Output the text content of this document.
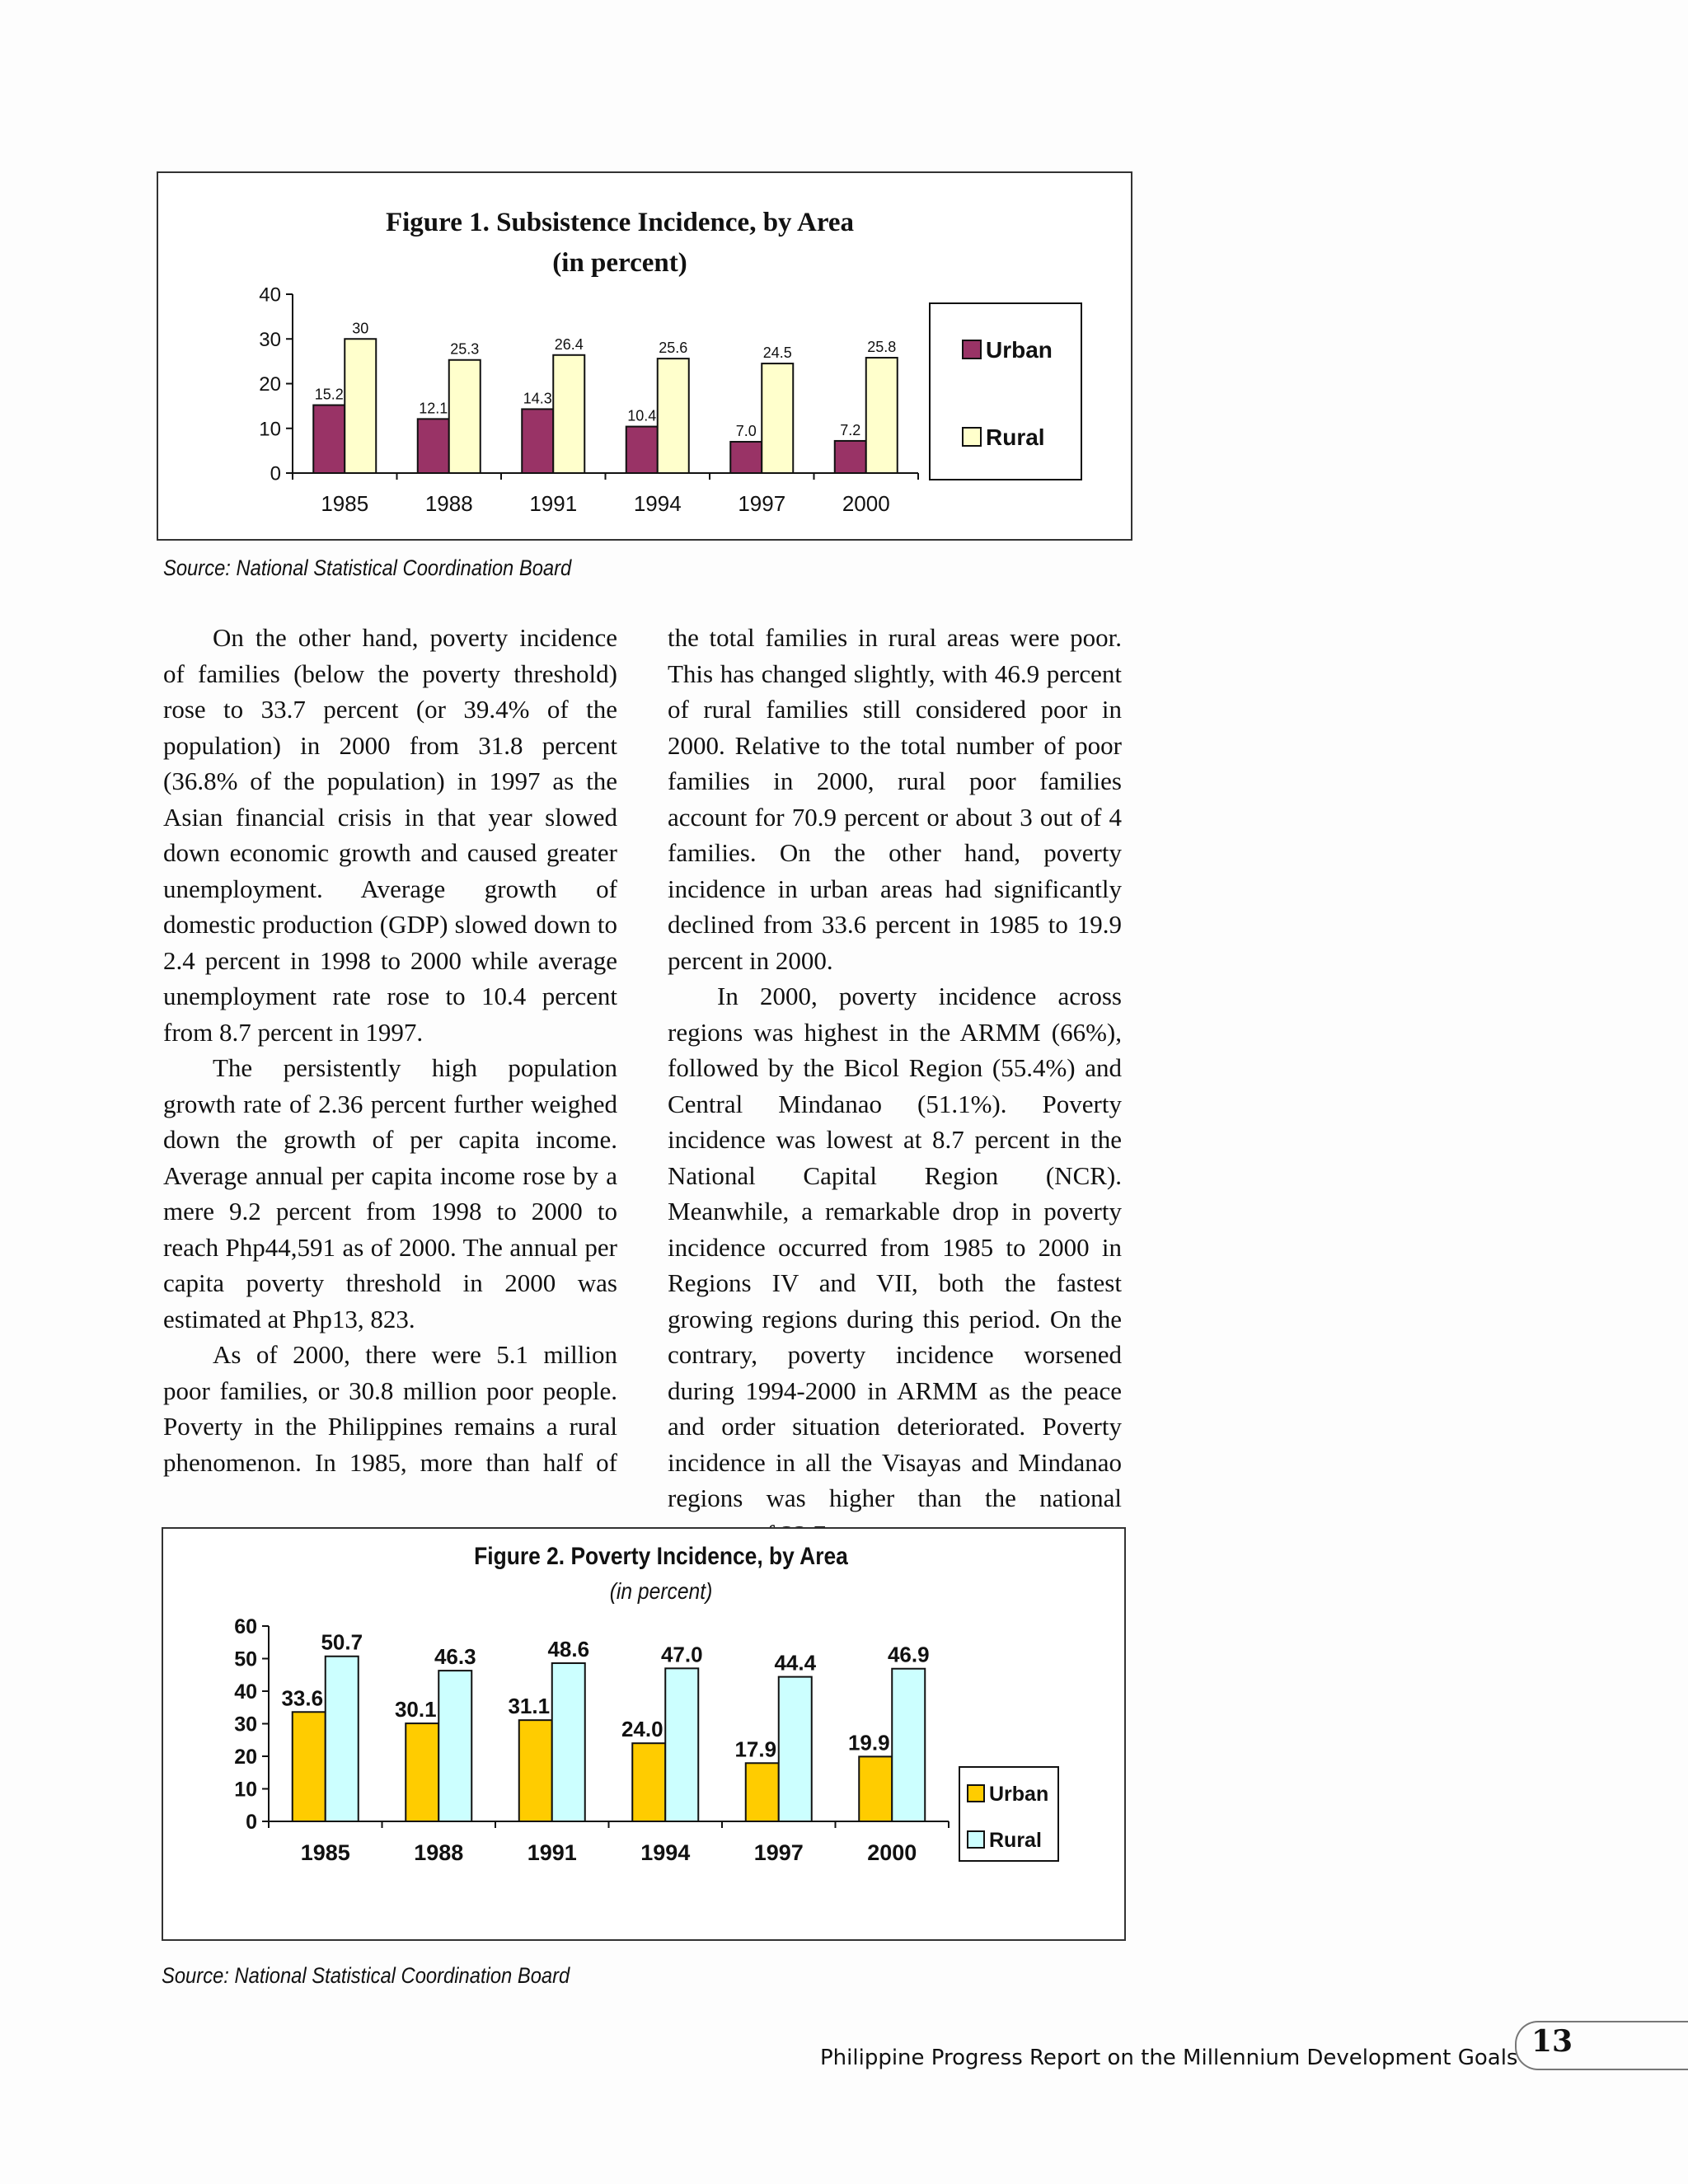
Figure 1. Subsistence Incidence, by Area
(in percent)
0
10
20
30
40
1985
15.2
30
1988
12.1
25.3
1991
14.3
26.4
1994
10.4
25.6
1997
7.0
24.5
2000
7.2
25.8	Urban
Rural
Source: National Statistical Coordination Board

On the other hand, poverty incidence of families (below the poverty threshold) rose to 33.7 percent (or 39.4% of the population) in 2000 from 31.8 percent (36.8% of the population) in 1997 as the Asian financial crisis in that year slowed down economic growth and caused greater unemployment. Average growth of domestic production (GDP) slowed down to 2.4 percent in 1998 to 2000 while average unemployment rate rose to 10.4 percent from 8.7 percent in 1997.

The persistently high population growth rate of 2.36 percent further weighed down the growth of per capita income. Average annual per capita income rose by a mere 9.2 percent from 1998 to 2000 to reach Php44,591 as of 2000. The annual per capita poverty threshold in 2000 was estimated at Php13, 823.

As of 2000, there were 5.1 million poor families, or 30.8 million poor people. Poverty in the Philippines remains a rural phenomenon. In 1985, more than half of

the total families in rural areas were poor. This has changed slightly, with 46.9 percent of rural families still considered poor in 2000. Relative to the total number of poor families in 2000, rural poor families account for 70.9 percent or about 3 out of 4 families. On the other hand, poverty incidence in urban areas had significantly declined from 33.6 percent in 1985 to 19.9 percent in 2000.

In 2000, poverty incidence across regions was highest in the ARMM (66%), followed by the Bicol Region (55.4%) and Central Mindanao (51.1%). Poverty incidence was lowest at 8.7 percent in the National Capital Region (NCR). Meanwhile, a remarkable drop in poverty incidence occurred from 1985 to 2000 in Regions IV and VII, both the fastest growing regions during this period. On the contrary, poverty incidence worsened during 1994-2000 in ARMM as the peace and order situation deteriorated. Poverty incidence in all the Visayas and Mindanao regions was higher than the national

Figure 2. Poverty Incidence, by Area
(in percent)
0
10
20
30
40
50
60
1985
33.6
50.7
1988
30.1
46.3
1991
31.1
48.6
1994
24.0
47.0
1997
17.9
44.4
2000
19.9
46.9
Urban
Rural
Source: National Statistical Coordination Board
Philippine Progress Report on the Millennium Development Goals 13
